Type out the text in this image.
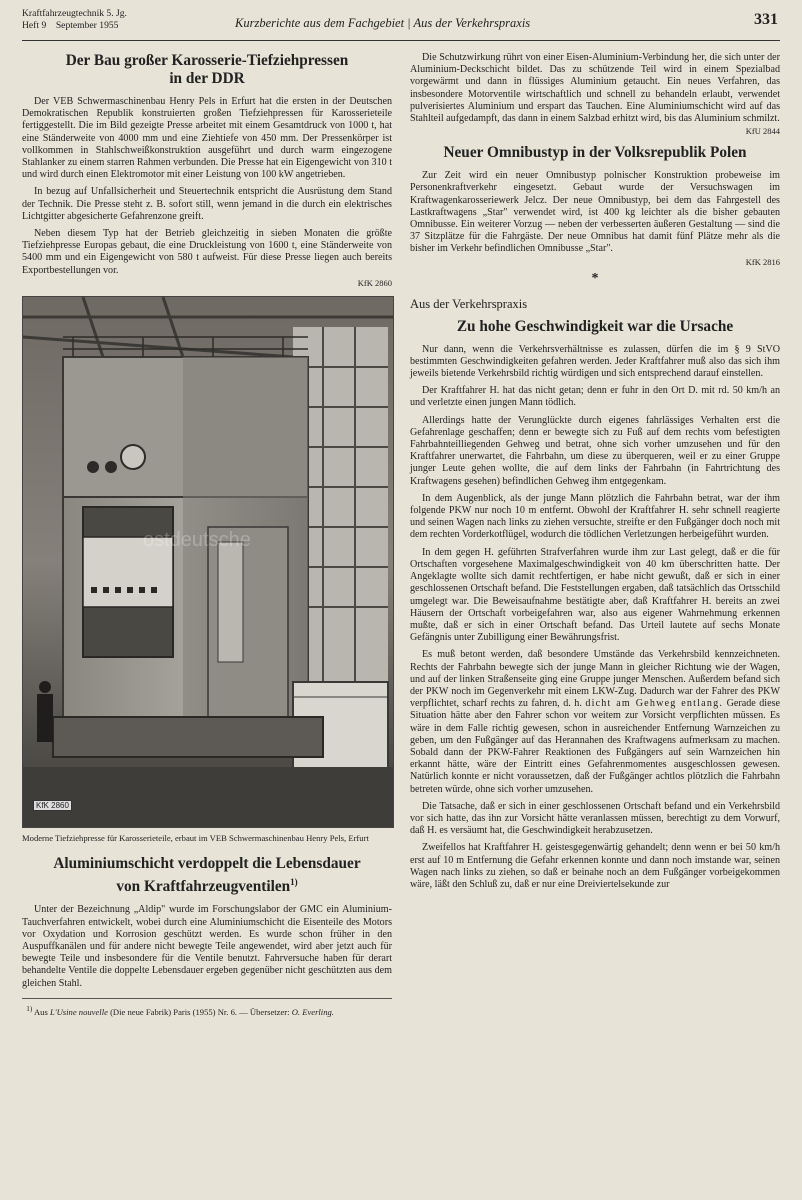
Kraftfahrzeugtechnik 5. Jg.
Heft 9 September 1955	Kurzberichte aus dem Fachgebiet | Aus der Verkehrspraxis	331
Der Bau großer Karosserie-Tiefziehpressen
in der DDR

Der VEB Schwermaschinenbau Henry Pels in Erfurt hat die ersten in der Deutschen Demokratischen Republik konstruierten großen Tiefziehpressen für Karosserieteile fertiggestellt. Die im Bild gezeigte Presse arbeitet mit einem Gesamtdruck von 1000 t, hat eine Ständerweite von 4000 mm und eine Ziehtiefe von 450 mm. Der Pressenkörper ist vollkommen in Stahlschweißkonstruktion ausgeführt und durch warm eingezogene Stahlanker zu einem starren Rahmen verbunden. Die Presse hat ein Eigengewicht von 310 t und wird durch einen Elektromotor mit einer Leistung von 100 kW angetrieben.

In bezug auf Unfallsicherheit und Steuertechnik entspricht die Ausrüstung dem Stand der Technik. Die Presse steht z. B. sofort still, wenn jemand in die durch ein elektrisches Lichtgitter abgesicherte Gefahrenzone greift.

Neben diesem Typ hat der Betrieb gleichzeitig in sieben Monaten die größte Tiefziehpresse Europas gebaut, die eine Druckleistung von 1600 t, eine Ständerweite von 5400 mm und ein Eigengewicht von 580 t aufweist. Für diese Presse liegen auch bereits Exportbestellungen vor.

KfK 2860
KfK 2860
ostdeutsche
Moderne Tiefziehpresse für Karosserieteile, erbaut im VEB Schwermaschinenbau Henry Pels, Erfurt
Aluminiumschicht verdoppelt die Lebensdauer
von Kraftfahrzeugventilen$^{1)}$

Unter der Bezeichnung „Aldip" wurde im Forschungslabor der GMC ein Aluminium-Tauchverfahren entwickelt, wobei durch eine Aluminiumschicht die Eisenteile des Motors vor Oxydation und Korrosion geschützt werden. Es wurde schon früher in den Auspuffkanälen und für andere nicht bewegte Teile angewendet, wird aber jetzt auch für bewegte Teile und insbesondere für die Ventile benutzt. Fahrversuche haben für derart behandelte Ventile die doppelte Lebensdauer ergeben gegenüber nicht geschützten aus dem gleichen Stahl.

$^{1)}$ Aus L'Usine nouvelle (Die neue Fabrik) Paris (1955) Nr. 6. — Übersetzer: O. Everling.

Die Schutzwirkung rührt von einer Eisen-Aluminium-Verbindung her, die sich unter der Aluminium-Deckschicht bildet. Das zu schützende Teil wird in einem Spezialbad vorgewärmt und dann in flüssiges Aluminium getaucht. Ein neues Verfahren, das insbesondere Motorventile wirtschaftlich und schnell zu behandeln erlaubt, verwendet pulverisiertes Aluminium und erspart das Tauchen. Eine Aluminiumschicht wird auf das Stahlteil aufgedampft, das dann in einem Salzbad erhitzt wird, bis das Aluminium schmilzt.

KfU 2844
Neuer Omnibustyp in der Volksrepublik Polen

Zur Zeit wird ein neuer Omnibustyp polnischer Konstruktion probeweise im Personenkraftverkehr eingesetzt. Gebaut wurde der Versuchswagen im Kraftwagenkarosseriewerk Jelcz. Der neue Omnibustyp, bei dem das Fahrgestell des Lastkraftwagens „Star" verwendet wird, ist 400 kg leichter als die bisher gebauten Omnibusse. Ein weiterer Vorzug — neben der verbesserten äußeren Gestaltung — sind die 37 Sitzplätze für die Fahrgäste. Der neue Omnibus hat damit fünf Plätze mehr als die bisher im Verkehr befindlichen Omnibusse „Star".

KfK 2816
*
Aus der Verkehrspraxis
Zu hohe Geschwindigkeit war die Ursache

Nur dann, wenn die Verkehrsverhältnisse es zulassen, dürfen die im § 9 StVO bestimmten Geschwindigkeiten gefahren werden. Jeder Kraftfahrer muß also das sich ihm jeweils bietende Verkehrsbild richtig würdigen und sich entsprechend darauf einstellen.

Der Kraftfahrer H. hat das nicht getan; denn er fuhr in den Ort D. mit rd. 50 km/h an und verletzte einen jungen Mann tödlich.

Allerdings hatte der Verunglückte durch eigenes fahrlässiges Verhalten erst die Gefahrenlage geschaffen; denn er bewegte sich zu Fuß auf dem rechts vom befestigten Fahrbahnteilliegenden Gehweg und betrat, ohne sich vorher umzusehen und für den Kraftfahrer unerwartet, die Fahrbahn, um diese zu überqueren, weil er zu einer Gruppe junger Leute gehen wollte, die auf dem links der Fahrbahn (in Fahrtrichtung des Kraftwagens gesehen) befindlichen Gehweg ihm entgegenkam.

In dem Augenblick, als der junge Mann plötzlich die Fahrbahn betrat, war der ihm folgende PKW nur noch 10 m entfernt. Obwohl der Kraftfahrer H. sehr schnell reagierte und seinen Wagen nach links zu ziehen versuchte, streifte er den Fußgänger doch noch mit dem rechten Vorderkotflügel, wodurch die tödlichen Verletzungen herbeigeführt wurden.

In dem gegen H. geführten Strafverfahren wurde ihm zur Last gelegt, daß er die für Ortschaften vorgesehene Maximalgeschwindigkeit von 40 km überschritten hatte. Der Angeklagte wollte sich damit rechtfertigen, er habe nicht gewußt, daß er sich in einer geschlossenen Ortschaft befand. Die Feststellungen ergaben, daß tatsächlich das Ortsschild umgelegt war. Die Beweisaufnahme bestätigte aber, daß Kraftfahrer H. bereits an zwei Häusern der Ortschaft vorbeigefahren war, also aus eigener Wahrnehmung erkennen mußte, daß er sich in einer Ortschaft befand. Das Urteil lautete auf sechs Monate Gefängnis unter Zubilligung einer Bewährungsfrist.

Es muß betont werden, daß besondere Umstände das Verkehrsbild kennzeichneten. Rechts der Fahrbahn bewegte sich der junge Mann in gleicher Richtung wie der Wagen, und auf der linken Straßenseite ging eine Gruppe junger Menschen. Außerdem befand sich der PKW noch im Gegenverkehr mit einem LKW-Zug. Dadurch war der Fahrer des PKW verpflichtet, scharf rechts zu fahren, d. h. dicht am Gehweg entlang. Gerade diese Situation hätte aber den Fahrer schon vor weitem zur Vorsicht verpflichten müssen. Es wäre in dem Falle richtig gewesen, schon in ausreichender Entfernung Warnzeichen zu geben, um den Fußgänger auf das Herannahen des Kraftwagens aufmerksam zu machen. Sobald dann der PKW-Fahrer Reaktionen des Fußgängers auf sein Warnzeichen hin erkannt hätte, wäre der Eintritt eines Gefahrenmomentes ausgeschlossen gewesen. Natürlich konnte er nicht voraussetzen, daß der Fußgänger achtlos plötzlich die Fahrbahn betreten würde, ohne sich vorher umzusehen.

Die Tatsache, daß er sich in einer geschlossenen Ortschaft befand und ein Verkehrsbild vor sich hatte, das ihn zur Vorsicht hätte veranlassen müssen, berechtigt zu dem Vorwurf, daß H. es versäumt hat, die Geschwindigkeit herabzusetzen.

Zweifellos hat Kraftfahrer H. geistesgegenwärtig gehandelt; denn wenn er bei 50 km/h erst auf 10 m Entfernung die Gefahr erkennen konnte und dann noch imstande war, seinen Wagen nach links zu ziehen, so daß er beinahe noch an dem Fußgänger vorbeigekommen wäre, läßt den Schluß zu, daß er nur eine Dreiviertelsekunde zur
